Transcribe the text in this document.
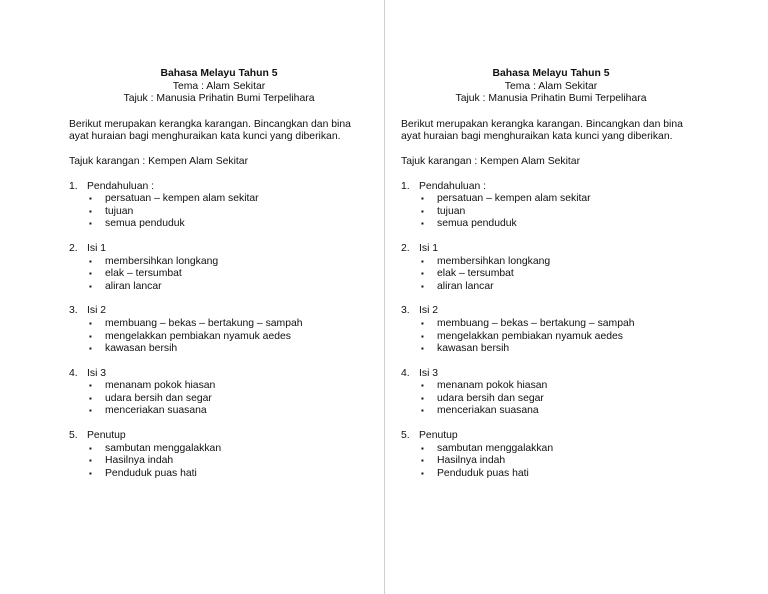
Bahasa Melayu Tahun 5
Tema : Alam Sekitar
Tajuk : Manusia Prihatin Bumi Terpelihara
Berikut merupakan kerangka karangan. Bincangkan dan bina
ayat huraian bagi menghuraikan kata kunci yang diberikan.
Tajuk karangan : Kempen Alam Sekitar
1. Pendahuluan :
▪	persatuan – kempen alam sekitar
▪	tujuan
▪	semua penduduk
2. Isi 1
▪	membersihkan longkang
▪	elak – tersumbat
▪	aliran lancar
3. Isi 2
▪	membuang – bekas – bertakung – sampah
▪	mengelakkan pembiakan nyamuk aedes
▪	kawasan bersih
4. Isi 3
▪	menanam pokok hiasan
▪	udara bersih dan segar
▪	menceriakan suasana
5. Penutup
▪	sambutan menggalakkan
▪	Hasilnya indah
▪	Penduduk puas hati
Bahasa Melayu Tahun 5
Tema : Alam Sekitar
Tajuk : Manusia Prihatin Bumi Terpelihara
Berikut merupakan kerangka karangan. Bincangkan dan bina
ayat huraian bagi menghuraikan kata kunci yang diberikan.
Tajuk karangan : Kempen Alam Sekitar
1. Pendahuluan :
▪	persatuan – kempen alam sekitar
▪	tujuan
▪	semua penduduk
2. Isi 1
▪	membersihkan longkang
▪	elak – tersumbat
▪	aliran lancar
3. Isi 2
▪	membuang – bekas – bertakung – sampah
▪	mengelakkan pembiakan nyamuk aedes
▪	kawasan bersih
4. Isi 3
▪	menanam pokok hiasan
▪	udara bersih dan segar
▪	menceriakan suasana
5. Penutup
▪	sambutan menggalakkan
▪	Hasilnya indah
▪	Penduduk puas hati
